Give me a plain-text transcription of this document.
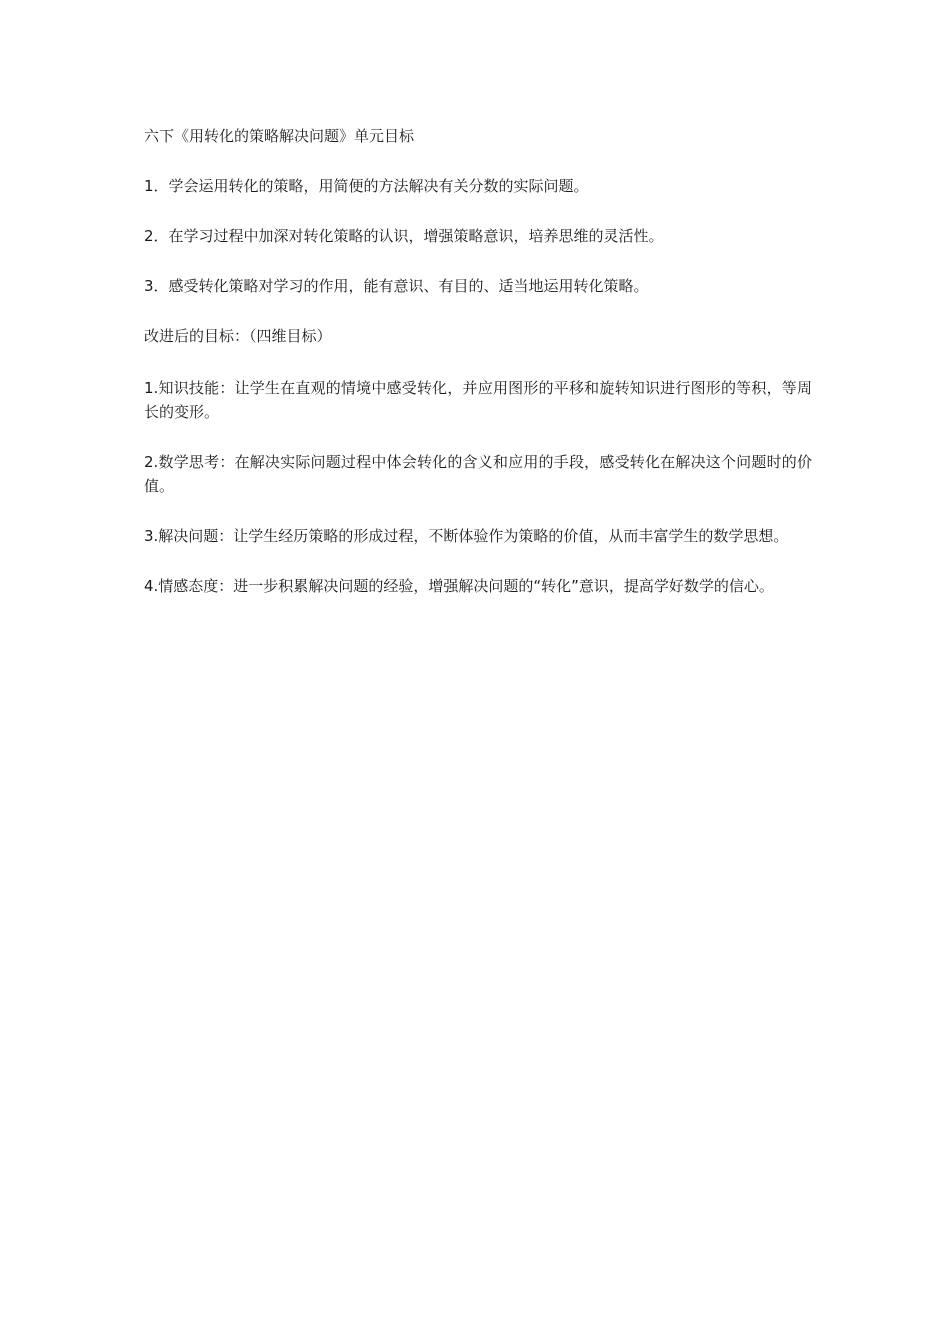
六下《用转化的策略解决问题》单元目标

1．学会运用转化的策略，用简便的方法解决有关分数的实际问题。

2．在学习过程中加深对转化策略的认识，增强策略意识，培养思维的灵活性。

3．感受转化策略对学习的作用，能有意识、有目的、适当地运用转化策略。

改进后的目标：（四维目标）

1.知识技能：让学生在直观的情境中感受转化，并应用图形的平移和旋转知识进行图形的等积，等周长的变形。

2.数学思考：在解决实际问题过程中体会转化的含义和应用的手段，感受转化在解决这个问题时的价值。

3.解决问题：让学生经历策略的形成过程，不断体验作为策略的价值，从而丰富学生的数学思想。

4.情感态度：进一步积累解决问题的经验，增强解决问题的“转化”意识，提高学好数学的信心。
